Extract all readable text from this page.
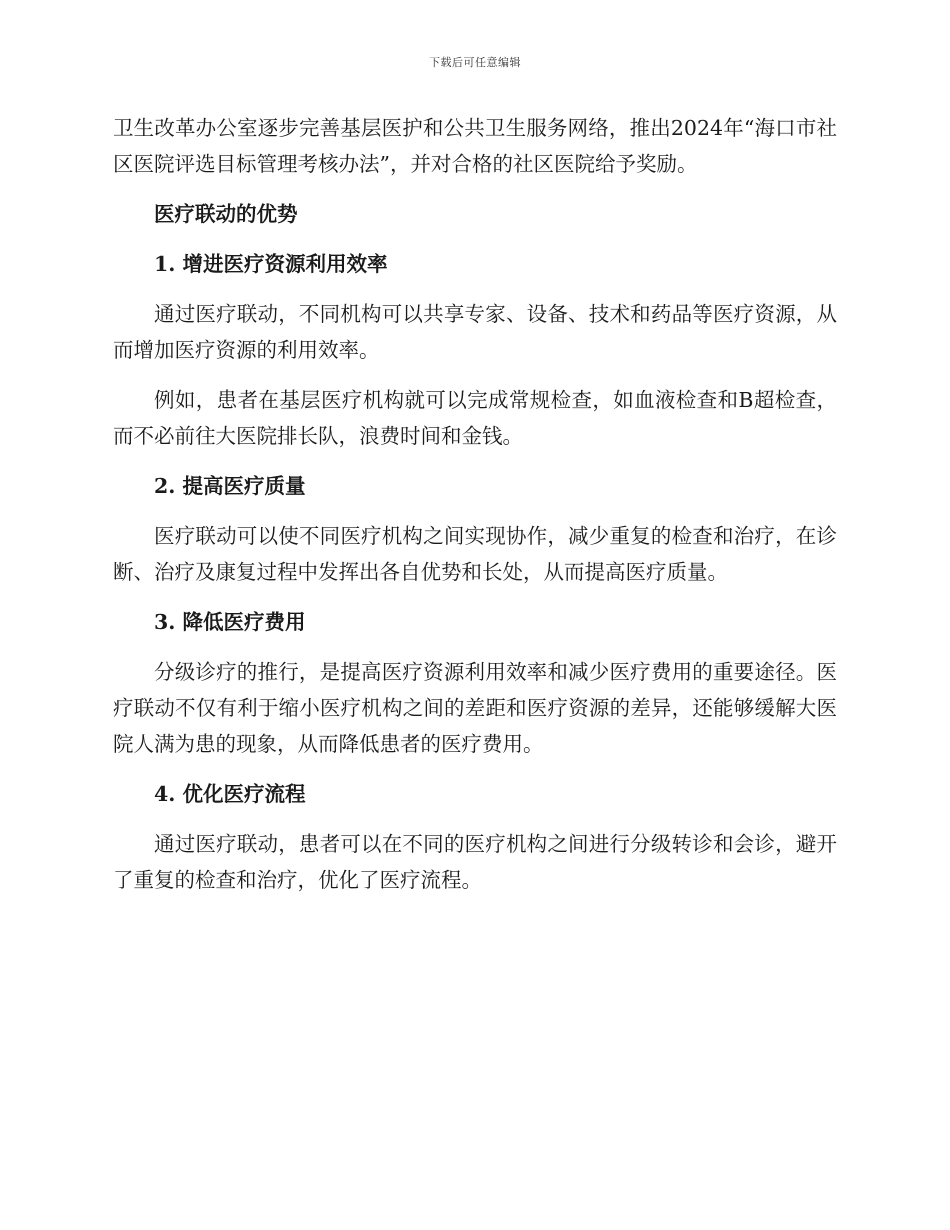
下载后可任意编辑

卫生改革办公室逐步完善基层医护和公共卫生服务网络，推出2024年“海口市社区医院评选目标管理考核办法”，并对合格的社区医院给予奖励。

医疗联动的优势

1. 增进医疗资源利用效率

通过医疗联动，不同机构可以共享专家、设备、技术和药品等医疗资源，从而增加医疗资源的利用效率。

例如，患者在基层医疗机构就可以完成常规检查，如血液检查和B超检查，而不必前往大医院排长队，浪费时间和金钱。

2. 提高医疗质量

医疗联动可以使不同医疗机构之间实现协作，减少重复的检查和治疗，在诊断、治疗及康复过程中发挥出各自优势和长处，从而提高医疗质量。

3. 降低医疗费用

分级诊疗的推行，是提高医疗资源利用效率和减少医疗费用的重要途径。医疗联动不仅有利于缩小医疗机构之间的差距和医疗资源的差异，还能够缓解大医院人满为患的现象，从而降低患者的医疗费用。

4. 优化医疗流程

通过医疗联动，患者可以在不同的医疗机构之间进行分级转诊和会诊，避开了重复的检查和治疗，优化了医疗流程。
